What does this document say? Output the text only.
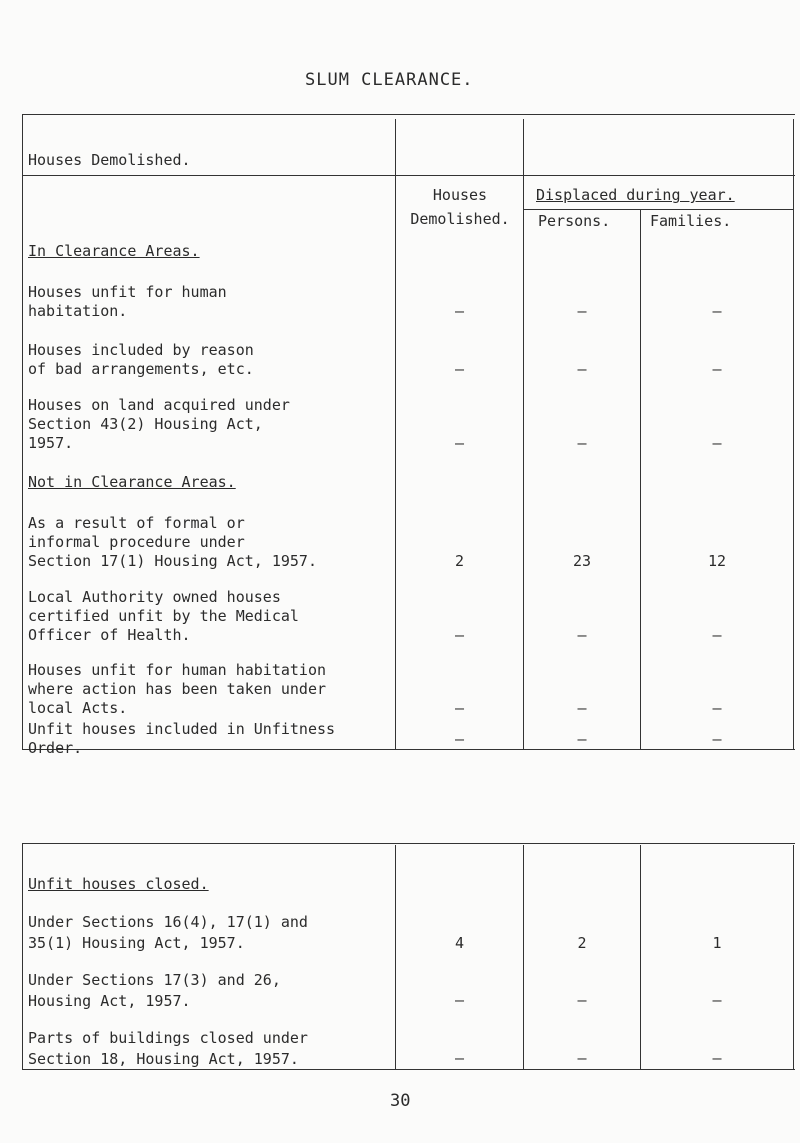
SLUM CLEARANCE.
Houses Demolished.
Houses
Demolished.
Displaced during year.
Persons.	Families.
In Clearance Areas.
Houses unfit for human
habitation.	–	–	–
Houses included by reason
of bad arrangements, etc.	–	–	–
Houses on land acquired under
Section 43(2) Housing Act,
1957.	–	–	–
Not in Clearance Areas.
As a result of formal or
informal procedure under
Section 17(1) Housing Act, 1957.	2	23	12
Local Authority owned houses
certified unfit by the Medical
Officer of Health.	–	–	–
Houses unfit for human habitation
where action has been taken under
local Acts.	–	–	–
Unfit houses included in Unfitness
Order.	–	–	–
Unfit houses closed.
Under Sections 16(4), 17(1) and
35(1) Housing Act, 1957.	4	2	1
Under Sections 17(3) and 26,
Housing Act, 1957.	–	–	–
Parts of buildings closed under
Section 18, Housing Act, 1957.	–	–	–
30
